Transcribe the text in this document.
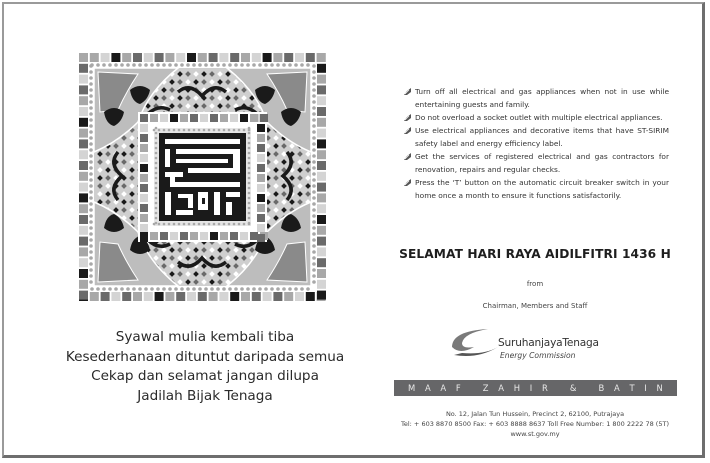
Syawal mulia kembali tiba
Kesederhanaan dituntut daripada semua
Cekap dan selamat jangan dilupa
Jadilah Bijak Tenaga
Turn off all electrical and gas appliances when not in use while entertaining guests and family.
Do not overload a socket outlet with multiple electrical appliances.
Use electrical appliances and decorative items that have ST-SIRIM safety label and energy efficiency label.
Get the services of registered electrical and gas contractors for renovation, repairs and regular checks.
Press the ‘T’ button on the automatic circuit breaker switch in your home once a month to ensure it functions satisfactorily.
SELAMAT HARI RAYA AIDILFITRI 1436 H
from
Chairman, Members and Staff
SuruhanjayaTenaga
Energy Commission
M A A F
	Z A H I R
	&
	B A T I N
No. 12, Jalan Tun Hussein, Precinct 2, 62100, Putrajaya
Tel: + 603 8870 8500 Fax: + 603 8888 8637 Toll Free Number: 1 800 2222 78 (5T)
www.st.gov.my
